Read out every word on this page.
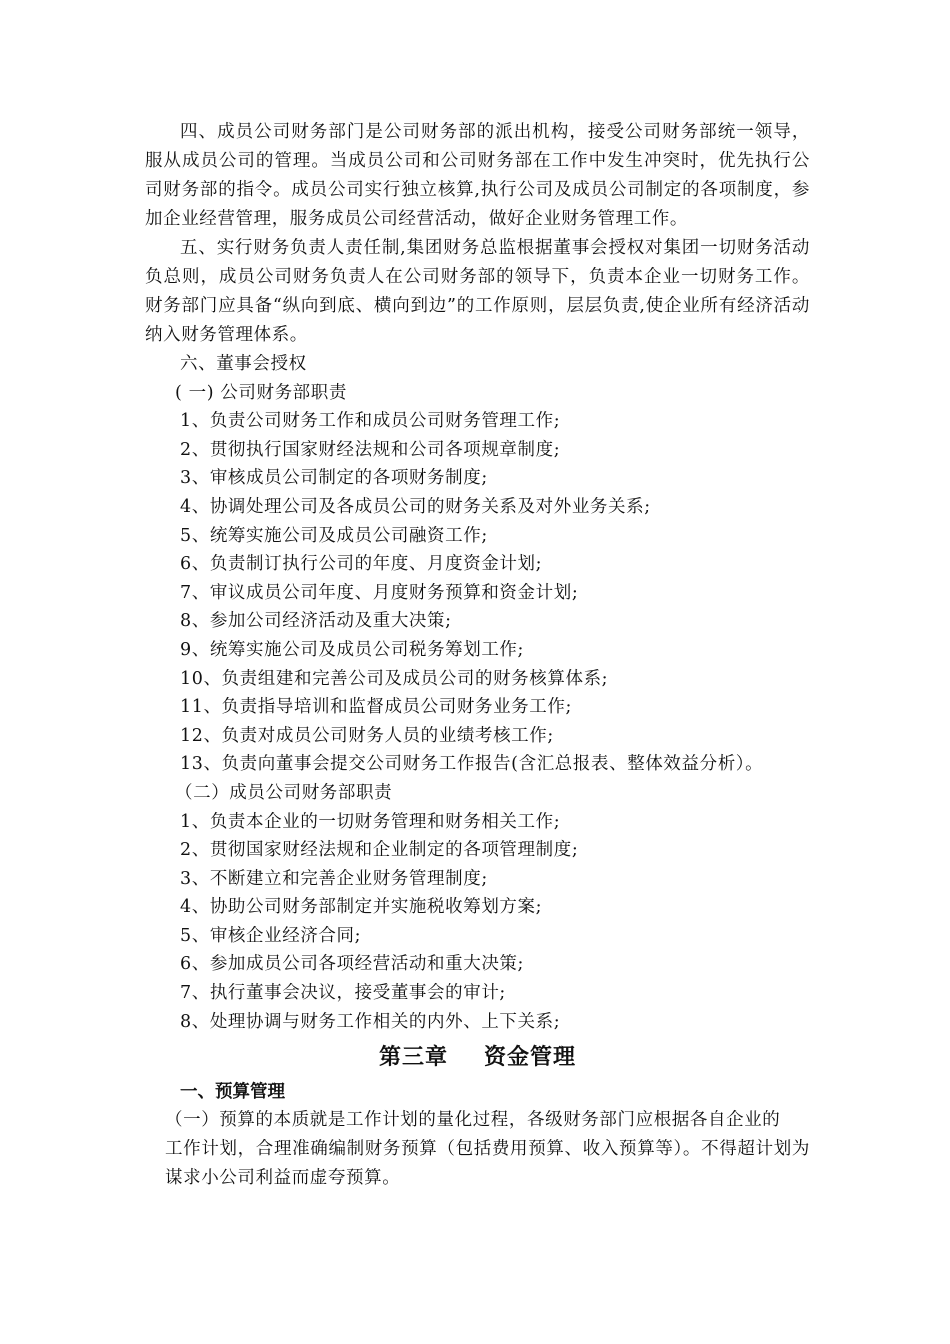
四、成员公司财务部门是公司财务部的派出机构，接受公司财务部统一领导，服从成员公司的管理。当成员公司和公司财务部在工作中发生冲突时，优先执行公司财务部的指令。成员公司实行独立核算,执行公司及成员公司制定的各项制度，参加企业经营管理，服务成员公司经营活动，做好企业财务管理工作。

五、实行财务负责人责任制,集团财务总监根据董事会授权对集团一切财务活动负总则，成员公司财务负责人在公司财务部的领导下，负责本企业一切财务工作。财务部门应具备“纵向到底、横向到边”的工作原则，层层负责,使企业所有经济活动纳入财务管理体系。

六、董事会授权

( 一) 公司财务部职责

1、负责公司财务工作和成员公司财务管理工作;

2、贯彻执行国家财经法规和公司各项规章制度;

3、审核成员公司制定的各项财务制度;

4、协调处理公司及各成员公司的财务关系及对外业务关系;

5、统筹实施公司及成员公司融资工作;

6、负责制订执行公司的年度、月度资金计划;

7、审议成员公司年度、月度财务预算和资金计划;

8、参加公司经济活动及重大决策;

9、统筹实施公司及成员公司税务筹划工作;

10、负责组建和完善公司及成员公司的财务核算体系;

11、负责指导培训和监督成员公司财务业务工作;

12、负责对成员公司财务人员的业绩考核工作;

13、负责向董事会提交公司财务工作报告(含汇总报表、整体效益分析）。

（二）成员公司财务部职责

1、负责本企业的一切财务管理和财务相关工作;

2、贯彻国家财经法规和企业制定的各项管理制度;

3、不断建立和完善企业财务管理制度;

4、协助公司财务部制定并实施税收筹划方案;

5、审核企业经济合同;

6、参加成员公司各项经营活动和重大决策;

7、执行董事会决议，接受董事会的审计;

8、处理协调与财务工作相关的内外、上下关系;

第三章 资金管理

一、预算管理

（一）预算的本质就是工作计划的量化过程，各级财务部门应根据各自企业的
工作计划，合理准确编制财务预算（包括费用预算、收入预算等）。不得超计划为谋求小公司利益而虚夸预算。
